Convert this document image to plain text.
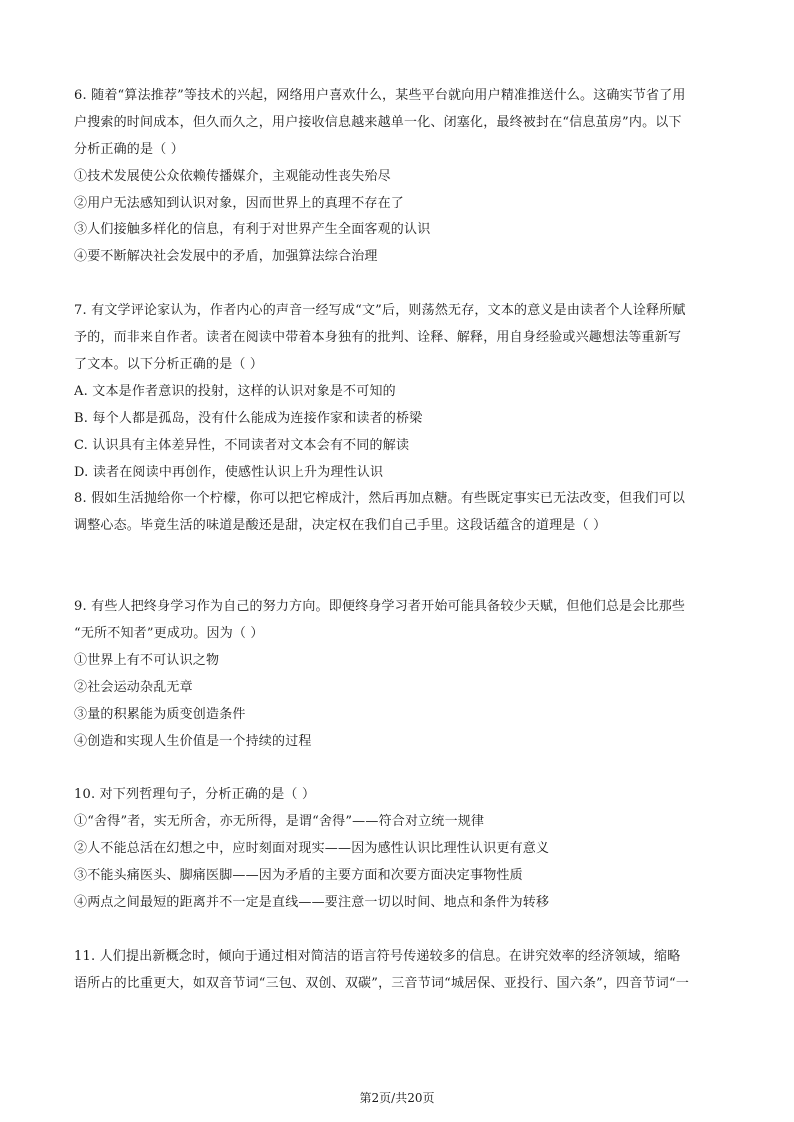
6. 随着“算法推荐”等技术的兴起，网络用户喜欢什么，某些平台就向用户精准推送什么。这确实节省了用
户搜索的时间成本，但久而久之，用户接收信息越来越单一化、闭塞化，最终被封在“信息茧房”内。以下
分析正确的是（ ）
①技术发展使公众依赖传播媒介，主观能动性丧失殆尽
②用户无法感知到认识对象，因而世界上的真理不存在了
③人们接触多样化的信息，有利于对世界产生全面客观的认识
④要不断解决社会发展中的矛盾，加强算法综合治理
7. 有文学评论家认为，作者内心的声音一经写成“文”后，则荡然无存，文本的意义是由读者个人诠释所赋
予的，而非来自作者。读者在阅读中带着本身独有的批判、诠释、解释，用自身经验或兴趣想法等重新写
了文本。以下分析正确的是（ ）
A. 文本是作者意识的投射，这样的认识对象是不可知的
B. 每个人都是孤岛，没有什么能成为连接作家和读者的桥梁
C. 认识具有主体差异性，不同读者对文本会有不同的解读
D. 读者在阅读中再创作，使感性认识上升为理性认识
8. 假如生活抛给你一个柠檬，你可以把它榨成汁，然后再加点糖。有些既定事实已无法改变，但我们可以
调整心态。毕竟生活的味道是酸还是甜，决定权在我们自己手里。这段话蕴含的道理是（ ）
9. 有些人把终身学习作为自己的努力方向。即便终身学习者开始可能具备较少天赋，但他们总是会比那些
“无所不知者”更成功。因为（ ）
①世界上有不可认识之物
②社会运动杂乱无章
③量的积累能为质变创造条件
④创造和实现人生价值是一个持续的过程
10. 对下列哲理句子，分析正确的是（ ）
①“舍得”者，实无所舍，亦无所得，是谓“舍得”——符合对立统一规律
②人不能总活在幻想之中，应时刻面对现实——因为感性认识比理性认识更有意义
③不能头痛医头、脚痛医脚——因为矛盾的主要方面和次要方面决定事物性质
④两点之间最短的距离并不一定是直线——要注意一切以时间、地点和条件为转移
11. 人们提出新概念时，倾向于通过相对简洁的语言符号传递较多的信息。在讲究效率的经济领域，缩略
语所占的比重更大，如双音节词“三包、双创、双碳”，三音节词“城居保、亚投行、国六条”，四音节词“一
第2页/共20页
